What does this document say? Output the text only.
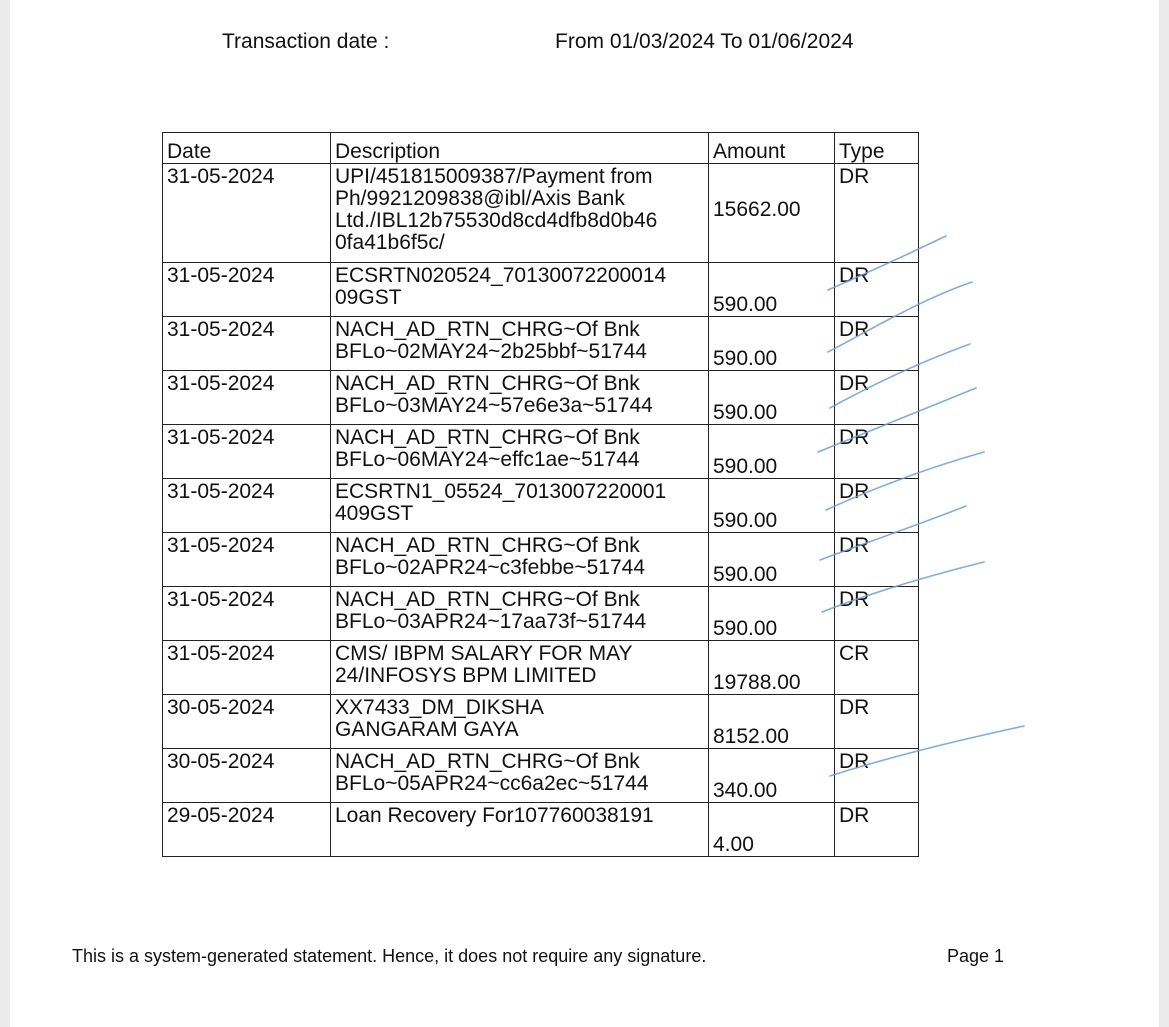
Transaction date :	From 01/03/2024 To 01/06/2024
Date	Description	Amount	Type
31-05-2024	UPI/451815009387/Payment from
Ph/9921209838@ibl/Axis Bank
Ltd./IBL12b75530d8cd4dfb8d0b46
0fa41b6f5c/	15662.00	DR
31-05-2024	ECSRTN020524_70130072200014
09GST	590.00	DR
31-05-2024	NACH_AD_RTN_CHRG~Of Bnk
BFLo~02MAY24~2b25bbf~51744	590.00	DR
31-05-2024	NACH_AD_RTN_CHRG~Of Bnk
BFLo~03MAY24~57e6e3a~51744	590.00	DR
31-05-2024	NACH_AD_RTN_CHRG~Of Bnk
BFLo~06MAY24~effc1ae~51744	590.00	DR
31-05-2024	ECSRTN1_05524_7013007220001
409GST	590.00	DR
31-05-2024	NACH_AD_RTN_CHRG~Of Bnk
BFLo~02APR24~c3febbe~51744	590.00	DR
31-05-2024	NACH_AD_RTN_CHRG~Of Bnk
BFLo~03APR24~17aa73f~51744	590.00	DR
31-05-2024	CMS/ IBPM SALARY FOR MAY
24/INFOSYS BPM LIMITED	19788.00	CR
30-05-2024	XX7433_DM_DIKSHA
GANGARAM GAYA	8152.00	DR
30-05-2024	NACH_AD_RTN_CHRG~Of Bnk
BFLo~05APR24~cc6a2ec~51744	340.00	DR
29-05-2024	Loan Recovery For107760038191	4.00	DR
This is a system-generated statement. Hence, it does not require any signature.	Page 1
